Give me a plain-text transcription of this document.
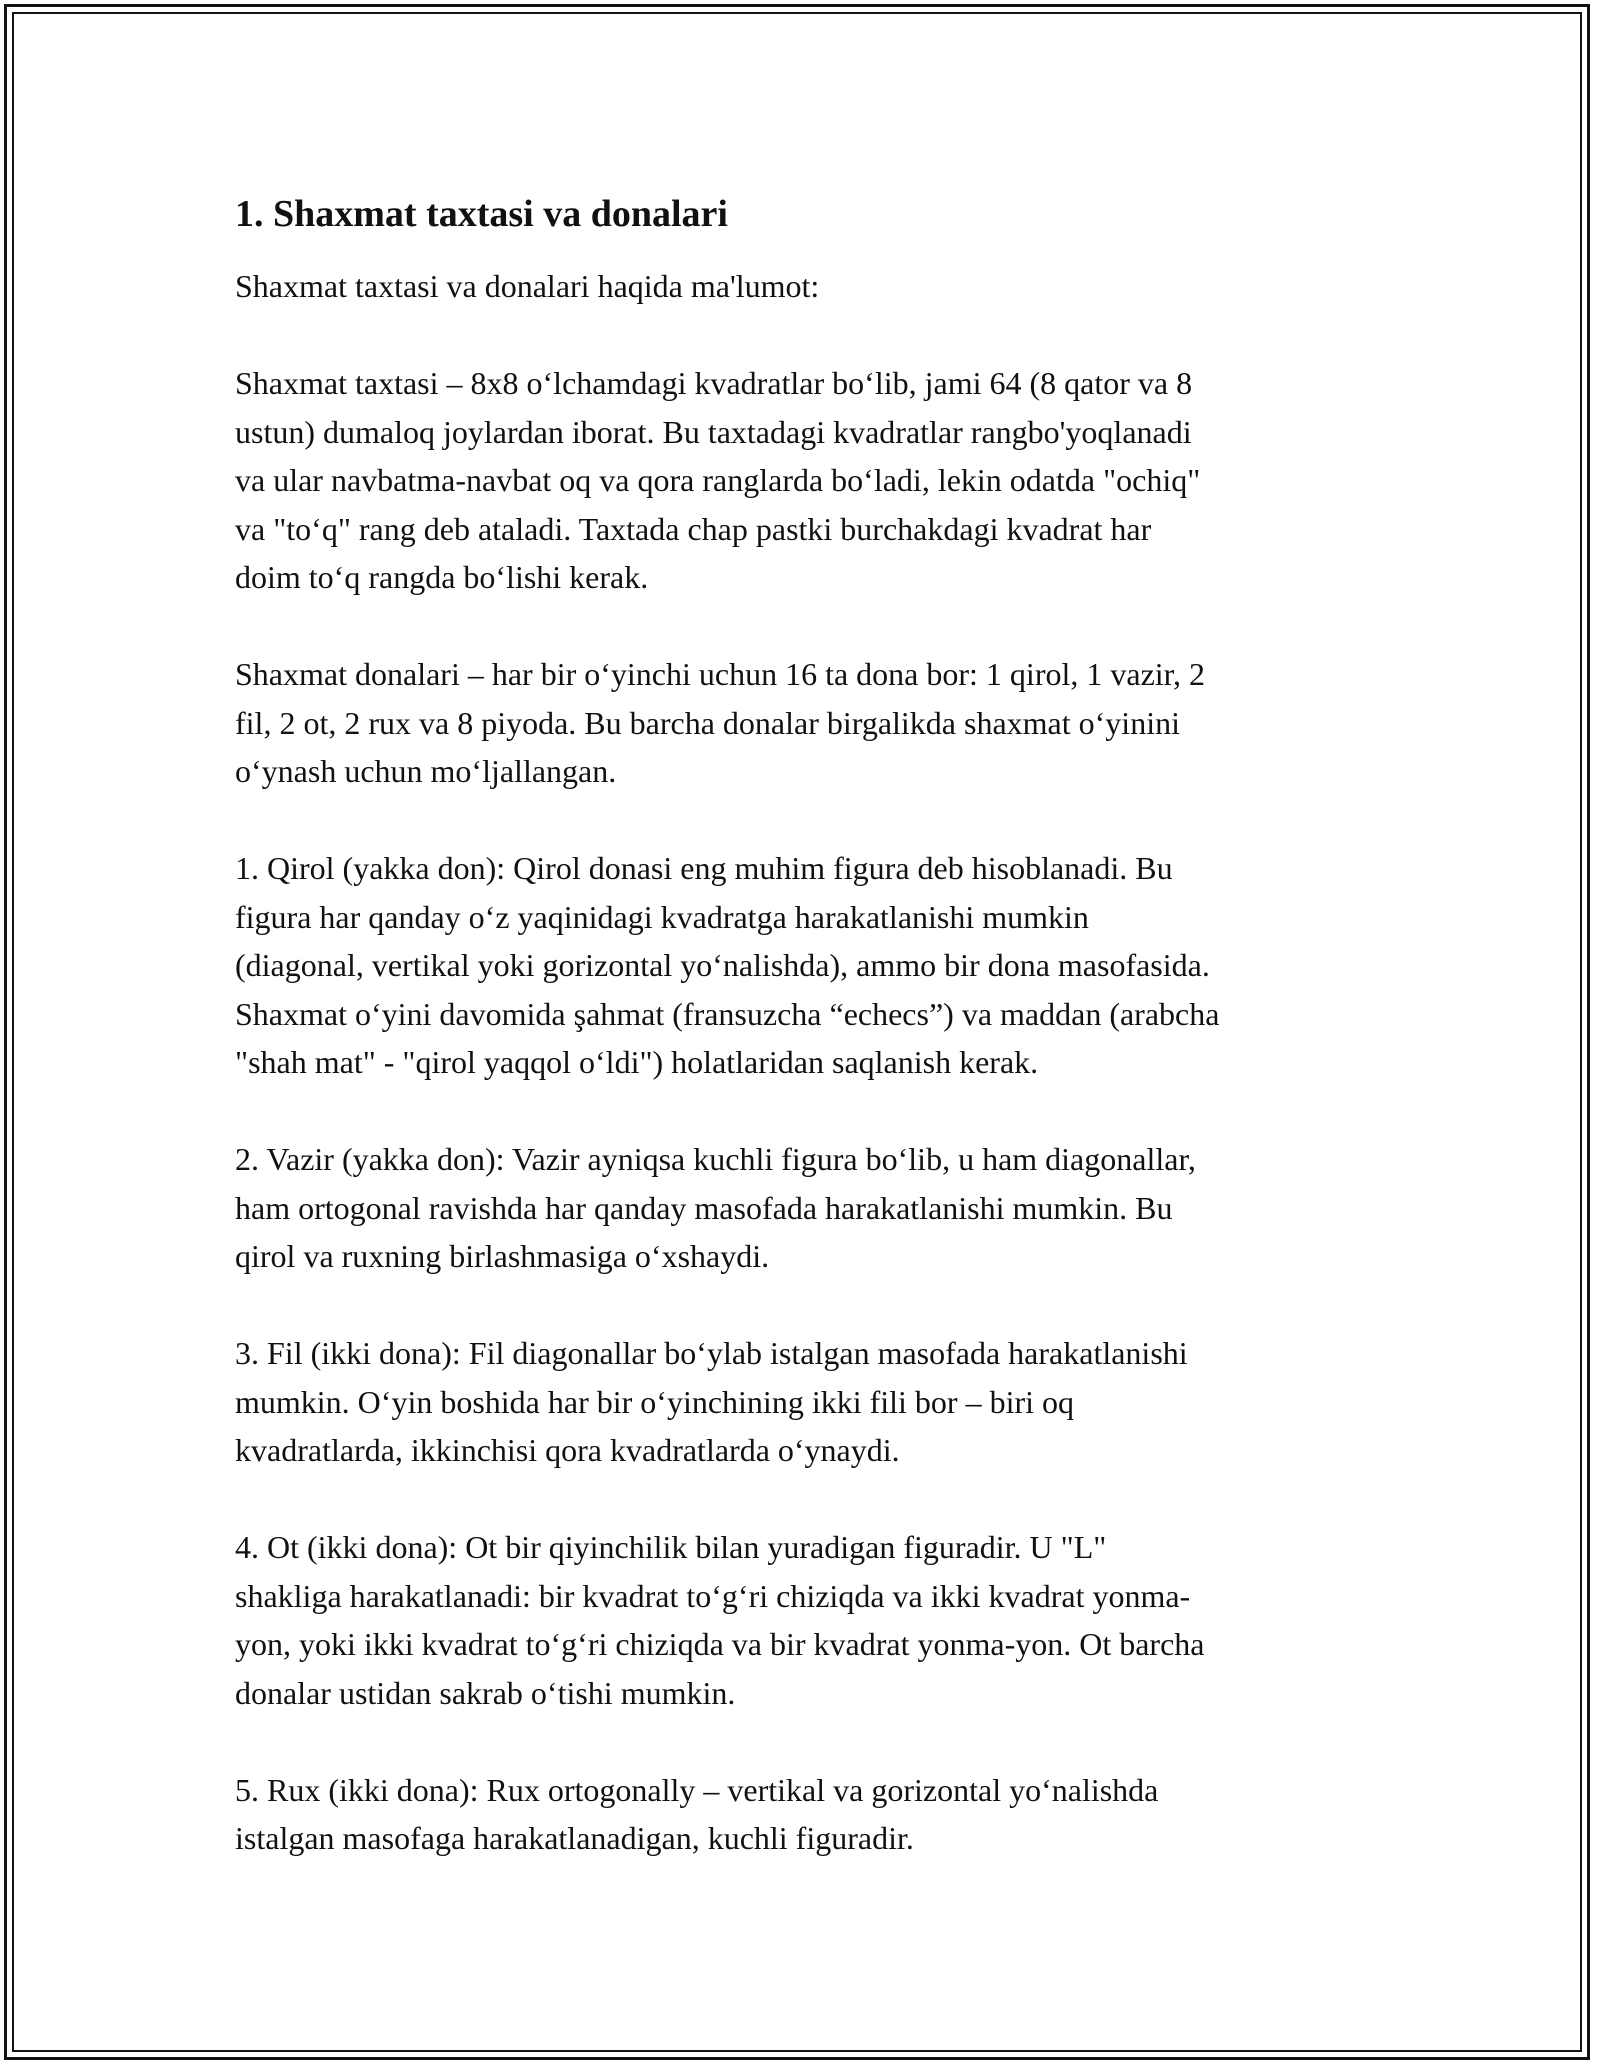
1. Shaxmat taxtasi va donalari

Shaxmat taxtasi va donalari haqida ma'lumot:

Shaxmat taxtasi – 8x8 o‘lchamdagi kvadratlar bo‘lib, jami 64 (8 qator va 8
ustun) dumaloq joylardan iborat. Bu taxtadagi kvadratlar rangbo'yoqlanadi
va ular navbatma-navbat oq va qora ranglarda bo‘ladi, lekin odatda "ochiq"
va "to‘q" rang deb ataladi. Taxtada chap pastki burchakdagi kvadrat har
doim to‘q rangda bo‘lishi kerak.

Shaxmat donalari – har bir o‘yinchi uchun 16 ta dona bor: 1 qirol, 1 vazir, 2
fil, 2 ot, 2 rux va 8 piyoda. Bu barcha donalar birgalikda shaxmat o‘yinini
o‘ynash uchun mo‘ljallangan.

1. Qirol (yakka don): Qirol donasi eng muhim figura deb hisoblanadi. Bu
figura har qanday o‘z yaqinidagi kvadratga harakatlanishi mumkin
(diagonal, vertikal yoki gorizontal yo‘nalishda), ammo bir dona masofasida.
Shaxmat o‘yini davomida şahmat (fransuzcha “echecs”) va maddan (arabcha
"shah mat" - "qirol yaqqol o‘ldi") holatlaridan saqlanish kerak.

2. Vazir (yakka don): Vazir ayniqsa kuchli figura bo‘lib, u ham diagonallar,
ham ortogonal ravishda har qanday masofada harakatlanishi mumkin. Bu
qirol va ruxning birlashmasiga o‘xshaydi.

3. Fil (ikki dona): Fil diagonallar bo‘ylab istalgan masofada harakatlanishi
mumkin. O‘yin boshida har bir o‘yinchining ikki fili bor – biri oq
kvadratlarda, ikkinchisi qora kvadratlarda o‘ynaydi.

4. Ot (ikki dona): Ot bir qiyinchilik bilan yuradigan figuradir. U "L"
shakliga harakatlanadi: bir kvadrat to‘g‘ri chiziqda va ikki kvadrat yonma-
yon, yoki ikki kvadrat to‘g‘ri chiziqda va bir kvadrat yonma-yon. Ot barcha
donalar ustidan sakrab o‘tishi mumkin.

5. Rux (ikki dona): Rux ortogonally – vertikal va gorizontal yo‘nalishda
istalgan masofaga harakatlanadigan, kuchli figuradir.
